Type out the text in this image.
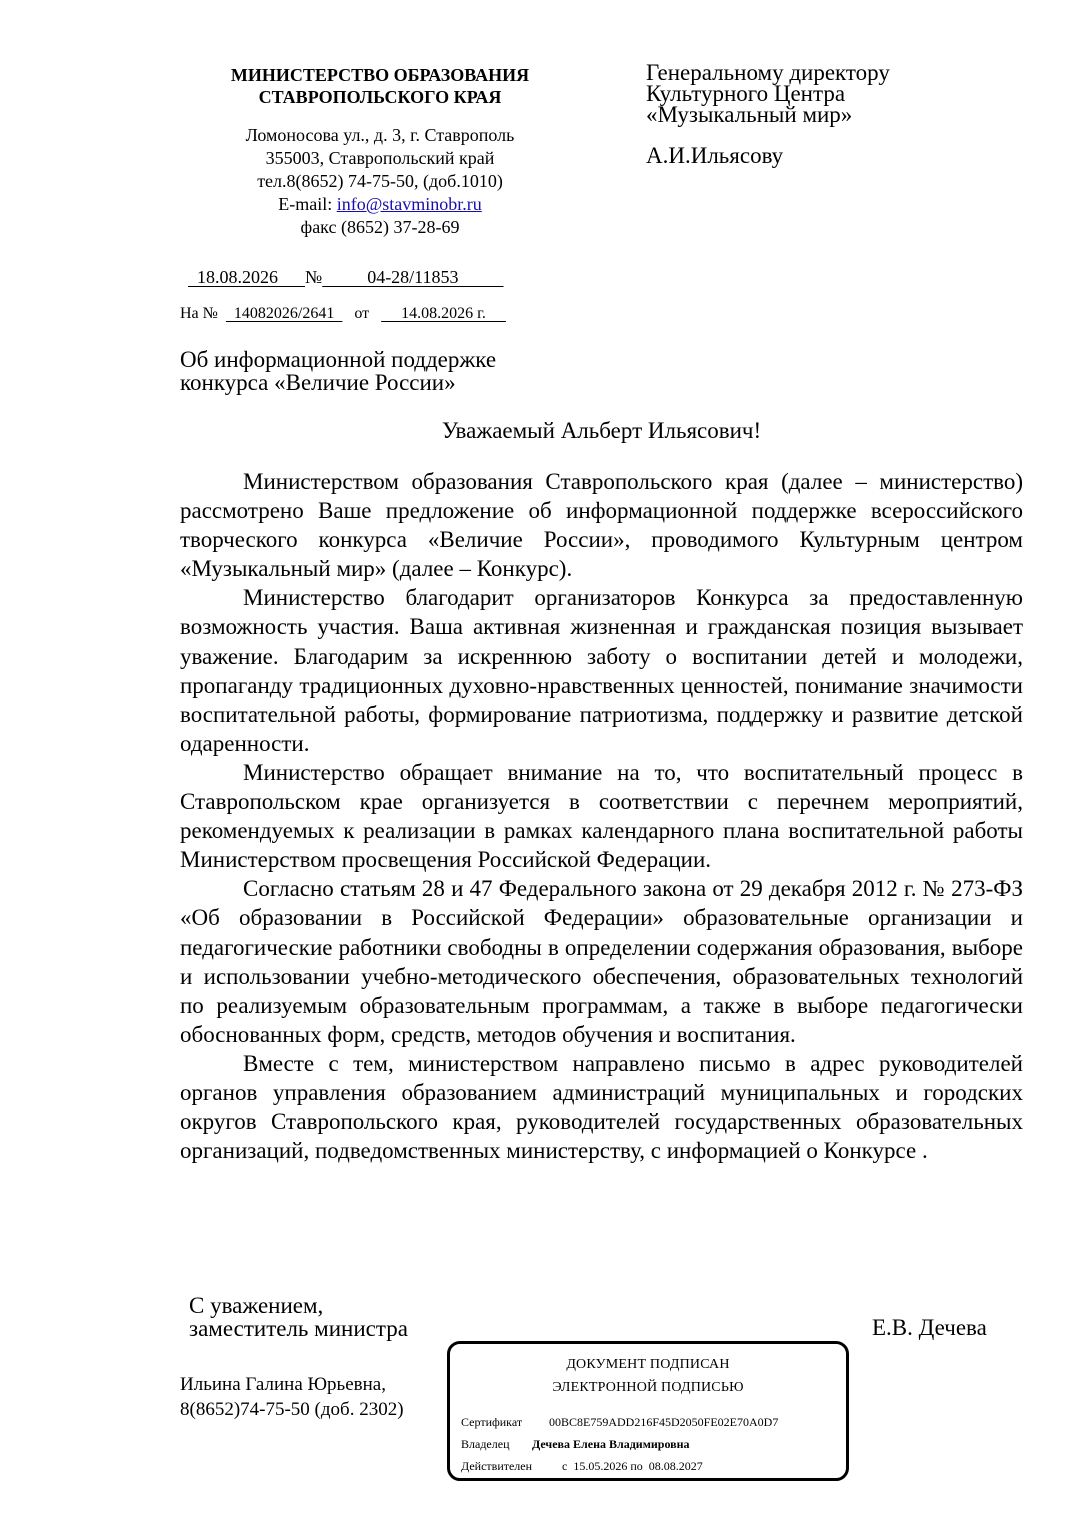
МИНИСТЕРСТВО ОБРАЗОВАНИЯ
СТАВРОПОЛЬСКОГО КРАЯ
Ломоносова ул., д. 3, г. Ставрополь
355003, Ставропольский край
тел.8(8652) 74-75-50, (доб.1010)
E-mail: info@stavminobr.ru
факс (8652) 37-28-69
Генеральному директору
Культурного Центра
«Музыкальный мир»
А.И.Ильясову
18.08.2026 №	04-28/11853
На № 14082026/2641 от 14.08.2026 г.
Об информационной поддержке
конкурса «Величие России»
Уважаемый Альберт Ильясович!

Министерством образования Ставропольского края (далее – министерство) рассмотрено Ваше предложение об информационной поддержке всероссийского творческого конкурса «Величие России», проводимого Культурным центром «Музыкальный мир» (далее – Конкурс).

Министерство благодарит организаторов Конкурса за предоставленную возможность участия. Ваша активная жизненная и гражданская позиция вызывает уважение. Благодарим за искреннюю заботу о воспитании детей и молодежи, пропаганду традиционных духовно-нравственных ценностей, понимание значимости воспитательной работы, формирование патриотизма, поддержку и развитие детской одаренности.

Министерство обращает внимание на то, что воспитательный процесс в Ставропольском крае организуется в соответствии с перечнем мероприятий, рекомендуемых к реализации в рамках календарного плана воспитательной работы Министерством просвещения Российской Федерации.

Согласно статьям 28 и 47 Федерального закона от 29 декабря 2012 г. № 273-ФЗ «Об образовании в Российской Федерации» образовательные организации и педагогические работники свободны в определении содержания образования, выборе и использовании учебно-методического обеспечения, образовательных технологий по реализуемым образовательным программам, а также в выборе педагогически обоснованных форм, средств, методов обучения и воспитания.

Вместе с тем, министерством направлено письмо в адрес руководителей органов управления образованием администраций муниципальных и городских округов Ставропольского края, руководителей государственных образовательных организаций, подведомственных министерству, с информацией о Конкурсе .

С уважением,
заместитель министра	Е.В. Дечева
Ильина Галина Юрьевна,
8(8652)74-75-50 (доб. 2302)
ДОКУМЕНТ ПОДПИСАН
ЭЛЕКТРОННОЙ ПОДПИСЬЮ
Сертификат 00BC8E759ADD216F45D2050FE02E70A0D7
Владелец Дечева Елена Владимировна
Действителен с 15.05.2026 по 08.08.2027
